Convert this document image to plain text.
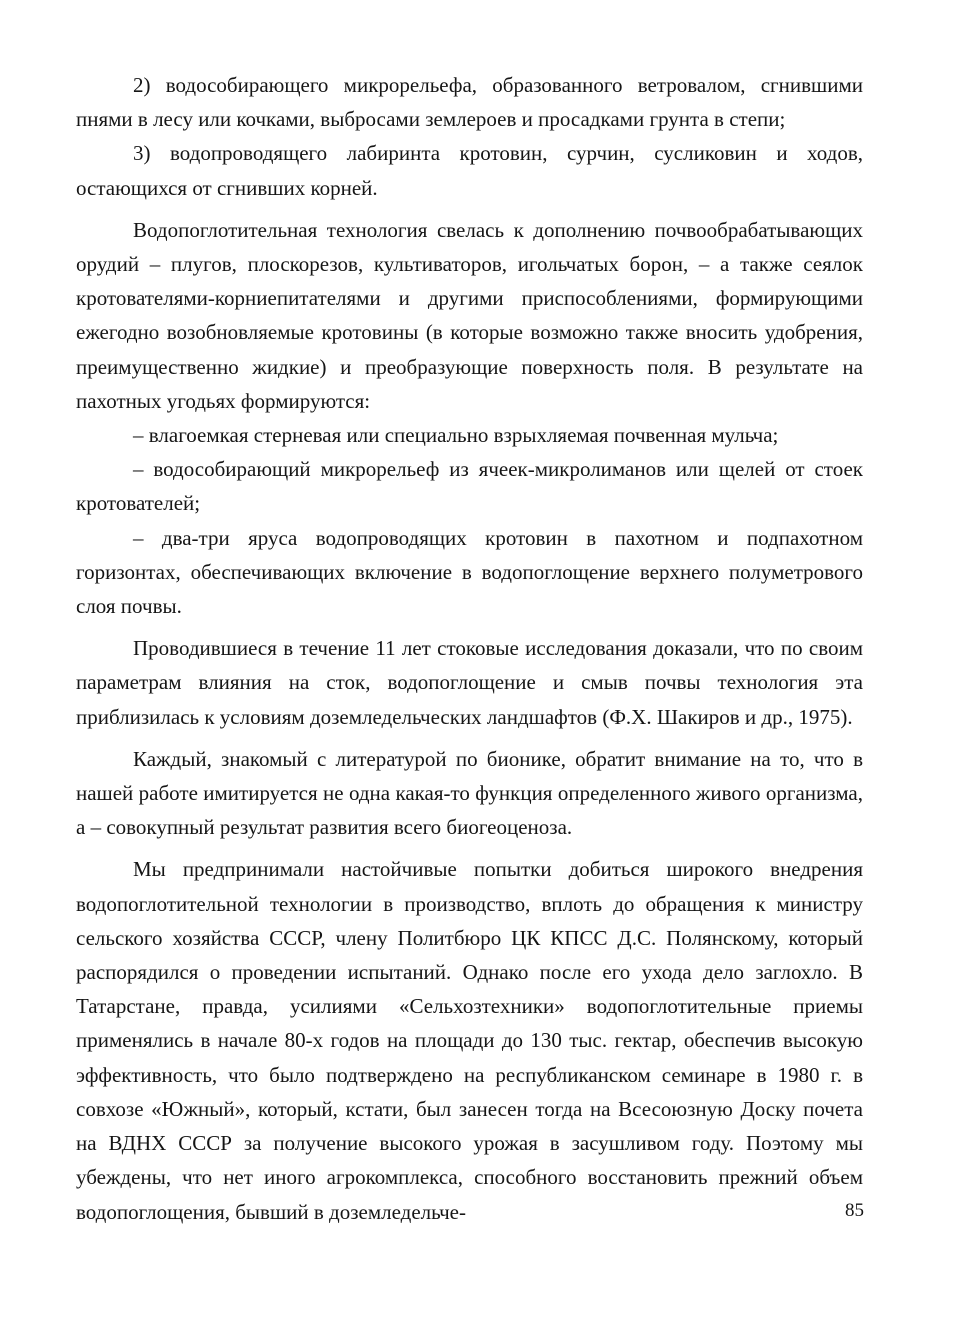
2) водособирающего микрорельефа, образованного ветровалом, сгнившими пнями в лесу или кочками, выбросами землероев и просадками грунта в степи;

3) водопроводящего лабиринта кротовин, сурчин, сусликовин и ходов, остающихся от сгнивших корней.

Водопоглотительная технология свелась к дополнению почвообрабатывающих орудий – плугов, плоскорезов, культиваторов, игольчатых борон, – а также сеялок кротователями-корниепитателями и другими приспособлениями, формирующими ежегодно возобновляемые кротовины (в которые возможно также вносить удобрения, преимущественно жидкие) и преобразующие поверхность поля. В результате на пахотных угодьях формируются:

– влагоемкая стерневая или специально взрыхляемая почвенная мульча;

– водособирающий микрорельеф из ячеек-микролиманов или щелей от стоек кротователей;

– два-три яруса водопроводящих кротовин в пахотном и подпахотном горизонтах, обеспечивающих включение в водопоглощение верхнего полуметрового слоя почвы.

Проводившиеся в течение 11 лет стоковые исследования доказали, что по своим параметрам влияния на сток, водопоглощение и смыв почвы технология эта приблизилась к условиям доземледельческих ландшафтов (Ф.Х. Шакиров и др., 1975).

Каждый, знакомый с литературой по бионике, обратит внимание на то, что в нашей работе имитируется не одна какая-то функция определенного живого организма, а – совокупный результат развития всего биогеоценоза.

Мы предпринимали настойчивые попытки добиться широкого внедрения водопоглотительной технологии в производство, вплоть до обращения к министру сельского хозяйства СССР, члену Политбюро ЦК КПСС Д.С. Полянскому, который распорядился о проведении испытаний. Однако после его ухода дело заглохло. В Татарстане, правда, усилиями «Сельхозтехники» водопоглотительные приемы применялись в начале 80-х годов на площади до 130 тыс. гектар, обеспечив высокую эффективность, что было подтверждено на республиканском семинаре в 1980 г. в совхозе «Южный», который, кстати, был занесен тогда на Всесоюзную Доску почета на ВДНХ СССР за получение высокого урожая в засушливом году. Поэтому мы убеждены, что нет иного агрокомплекса, способного восстановить прежний объем водопоглощения, бывший в доземледельче-	85
